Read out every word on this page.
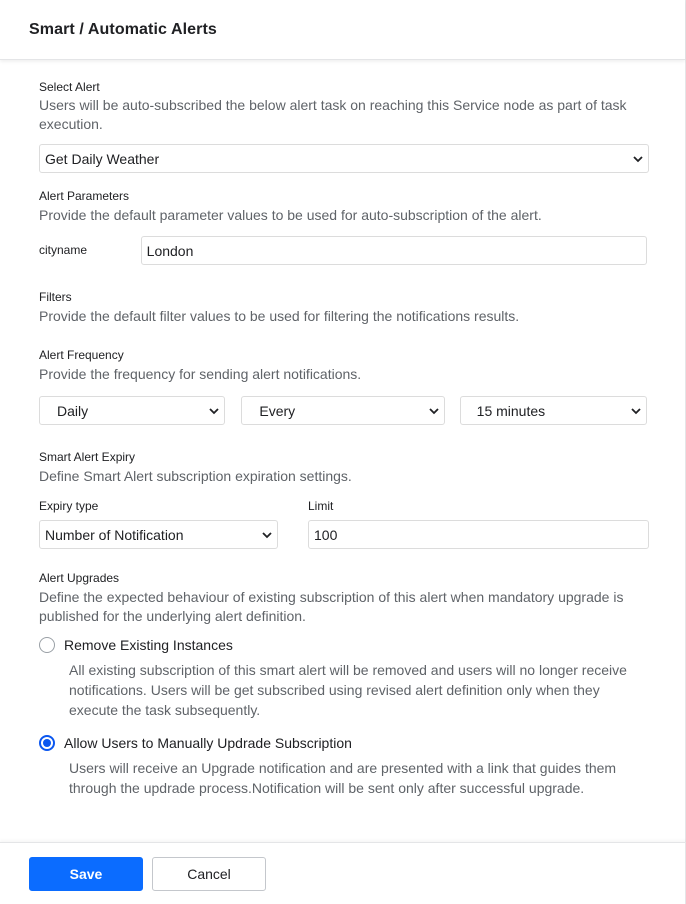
Smart / Automatic Alerts
Select Alert
Users will be auto-subscribed the below alert task on reaching this Service node as part of task execution.
Get Daily Weather
Alert Parameters
Provide the default parameter values to be used for auto-subscription of the alert.
cityname	London
Filters
Provide the default filter values to be used for filtering the notifications results.
Alert Frequency
Provide the frequency for sending alert notifications.
Daily	Every	15 minutes
Smart Alert Expiry
Define Smart Alert subscription expiration settings.
Expiry type
Number of Notification
Limit
100
Alert Upgrades
Define the expected behaviour of existing subscription of this alert when mandatory upgrade is published for the underlying alert definition.
Remove Existing Instances
All existing subscription of this smart alert will be removed and users will no longer receive notifications. Users will be get subscribed using revised alert definition only when they execute the task subsequently.
Allow Users to Manually Updrade Subscription
Users will receive an Upgrade notification and are presented with a link that guides them through the updrade process.Notification will be sent only after successful upgrade.
Save	Cancel
